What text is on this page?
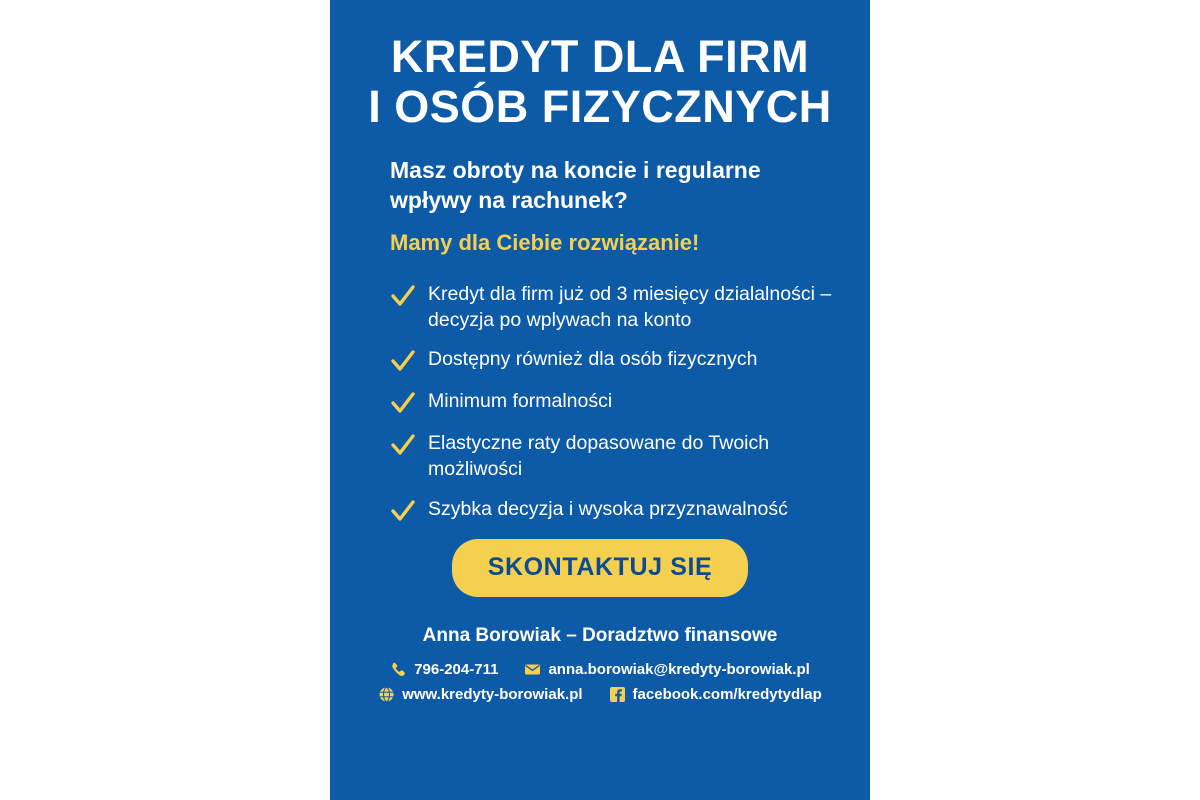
KREDYT DLA FIRM
I OSÓB FIZYCZNYCH

Masz obroty na koncie i regularne wpływy na rachunek?

Mamy dla Ciebie rozwiązanie!

Kredyt dla firm już od 3 miesięcy dzialalności – decyzja po wplywach na konto
Dostępny również dla osób fizycznych
Minimum formalności
Elastyczne raty dopasowane do Twoich możliwości
Szybka decyzja i wysoka przyznawalność
SKONTAKTUJ SIĘ
Anna Borowiak – Doradztwo finansowe
796-204-711	anna.borowiak@kredyty-borowiak.pl
www.kredyty-borowiak.pl	facebook.com/kredytydlap
